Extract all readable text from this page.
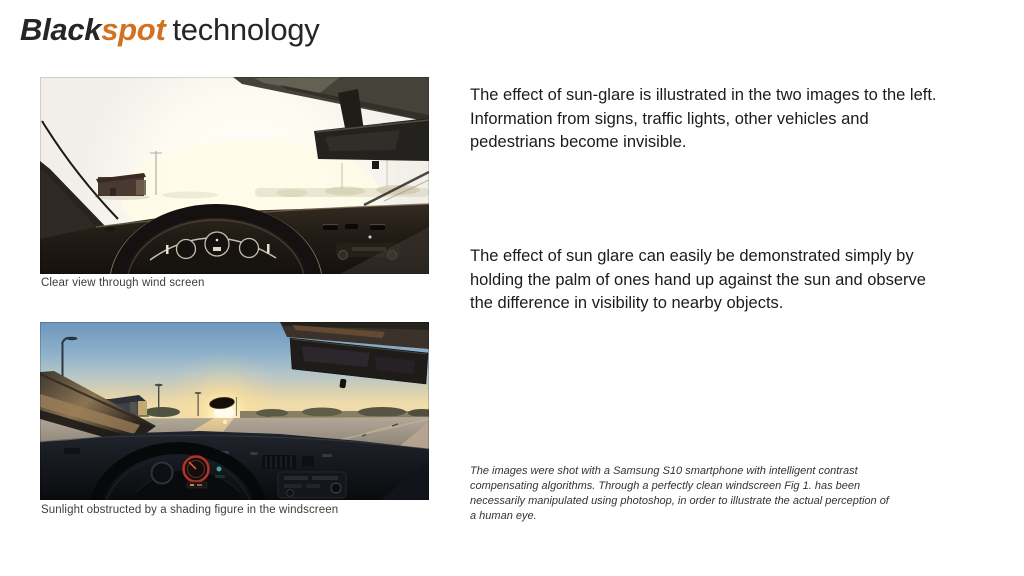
Blackspot technology
Clear view through wind screen
Sunlight obstructed by a shading figure in the windscreen
The effect of sun-glare is illustrated in the two images to the left.
Information from signs, traffic lights, other vehicles and pedestrians become invisible.
The effect of sun glare can easily be demonstrated simply by holding the palm of ones hand up against the sun and observe the difference in visibility to nearby objects.
The images were shot with a Samsung S10 smartphone with intelligent contrast compensating algorithms. Through a perfectly clean windscreen Fig 1. has been necessarily manipulated using photoshop, in order to illustrate the actual perception of a human eye.
